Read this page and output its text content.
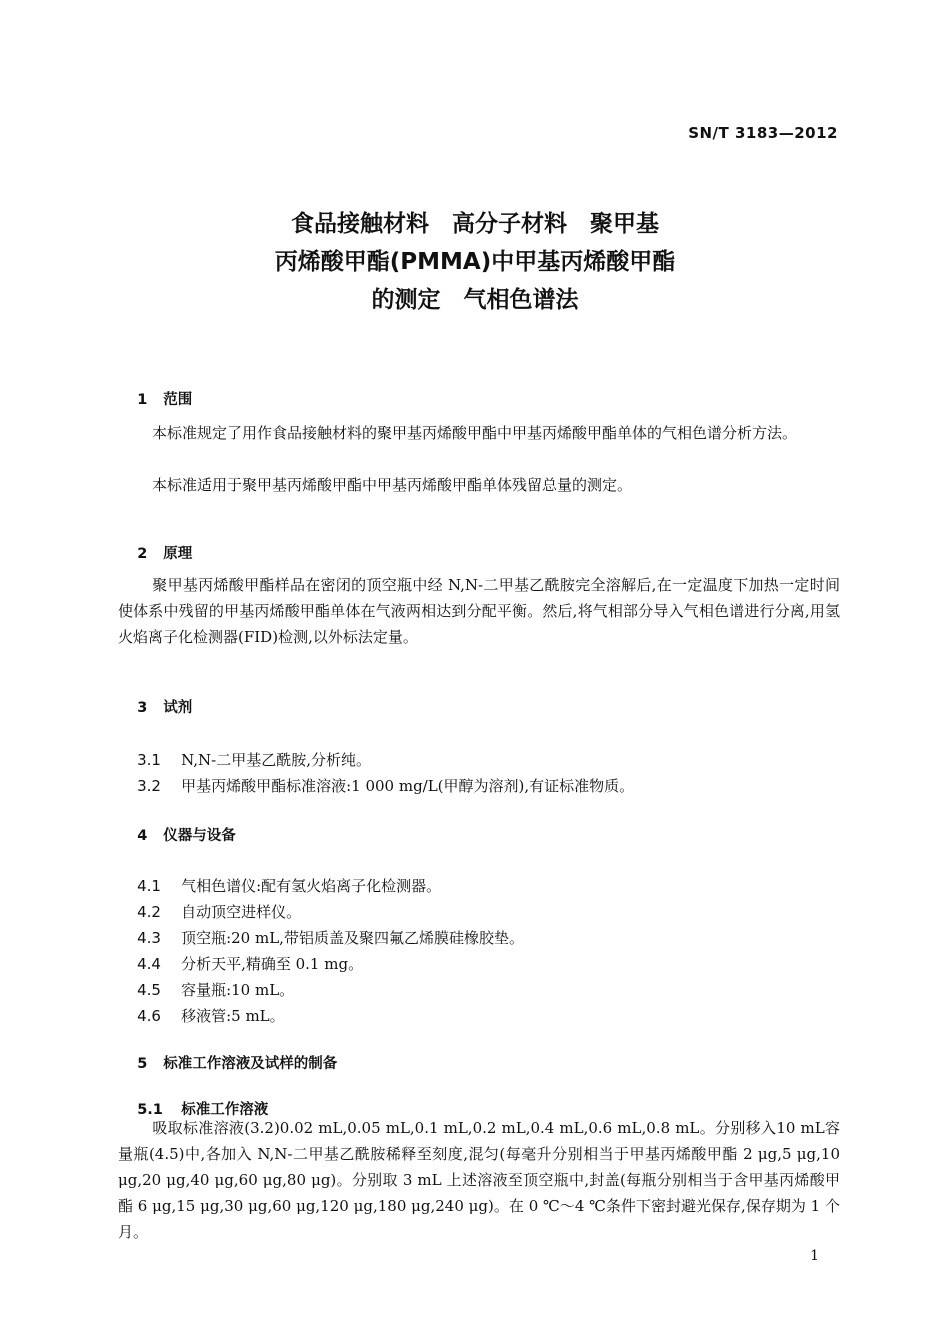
SN/T 3183—2012
食品接触材料　高分子材料　聚甲基
丙烯酸甲酯(PMMA)中甲基丙烯酸甲酯
的测定　气相色谱法

1 范围

本标准规定了用作食品接触材料的聚甲基丙烯酸甲酯中甲基丙烯酸甲酯单体的气相色谱分析方法。
本标准适用于聚甲基丙烯酸甲酯中甲基丙烯酸甲酯单体残留总量的测定。

2 原理

聚甲基丙烯酸甲酯样品在密闭的顶空瓶中经 N,N-二甲基乙酰胺完全溶解后,在一定温度下加热一定时间使体系中残留的甲基丙烯酸甲酯单体在气液两相达到分配平衡。然后,将气相部分导入气相色谱进行分离,用氢火焰离子化检测器(FID)检测,以外标法定量。

3 试剂

3.1 N,N-二甲基乙酰胺,分析纯。

3.2 甲基丙烯酸甲酯标准溶液:1 000 mg/L(甲醇为溶剂),有证标准物质。

4 仪器与设备

4.1 气相色谱仪:配有氢火焰离子化检测器。

4.2 自动顶空进样仪。

4.3 顶空瓶:20 mL,带铝质盖及聚四氟乙烯膜硅橡胶垫。

4.4 分析天平,精确至 0.1 mg。

4.5 容量瓶:10 mL。

4.6 移液管:5 mL。

5 标准工作溶液及试样的制备

5.1 标准工作溶液

吸取标准溶液(3.2)0.02 mL,0.05 mL,0.1 mL,0.2 mL,0.4 mL,0.6 mL,0.8 mL。分别移入10 mL容量瓶(4.5)中,各加入 N,N-二甲基乙酰胺稀释至刻度,混匀(每毫升分别相当于甲基丙烯酸甲酯 2 μg,5 μg,10 μg,20 μg,40 μg,60 μg,80 μg)。分别取 3 mL 上述溶液至顶空瓶中,封盖(每瓶分别相当于含甲基丙烯酸甲酯 6 μg,15 μg,30 μg,60 μg,120 μg,180 μg,240 μg)。在 0 ℃～4 ℃条件下密封避光保存,保存期为 1 个月。
1
